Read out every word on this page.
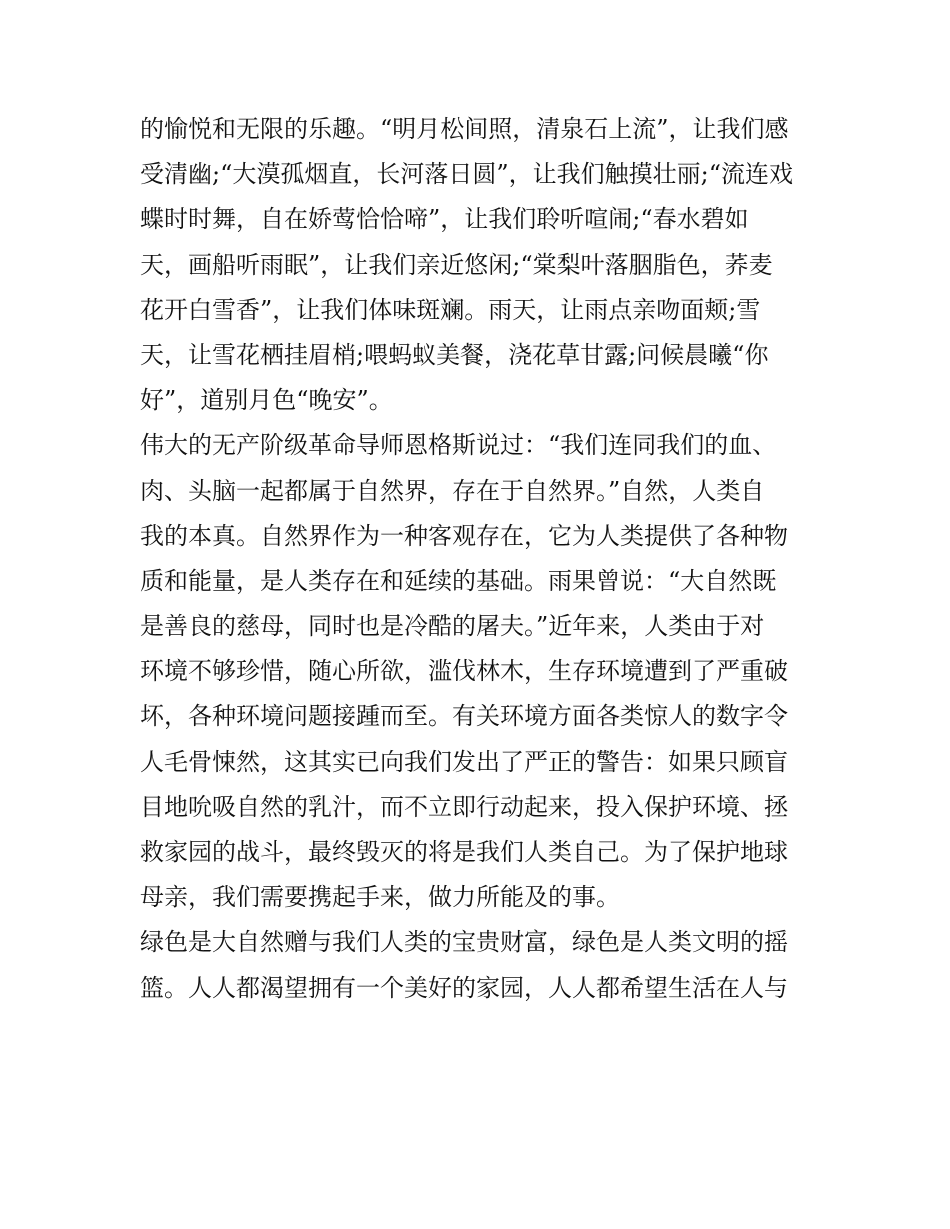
的愉悦和无限的乐趣。“明月松间照，清泉石上流”，让我们感
受清幽;“大漠孤烟直，长河落日圆”，让我们触摸壮丽;“流连戏
蝶时时舞，自在娇莺恰恰啼”，让我们聆听喧闹;“春水碧如
天，画船听雨眠”，让我们亲近悠闲;“棠梨叶落胭脂色，荞麦
花开白雪香”，让我们体味斑斓。雨天，让雨点亲吻面颊;雪
天，让雪花栖挂眉梢;喂蚂蚁美餐，浇花草甘露;问候晨曦“你
好”，道别月色“晚安”。
伟大的无产阶级革命导师恩格斯说过：“我们连同我们的血、
肉、头脑一起都属于自然界，存在于自然界。”自然，人类自
我的本真。自然界作为一种客观存在，它为人类提供了各种物
质和能量，是人类存在和延续的基础。雨果曾说：“大自然既
是善良的慈母，同时也是冷酷的屠夫。”近年来，人类由于对
环境不够珍惜，随心所欲，滥伐林木，生存环境遭到了严重破
坏，各种环境问题接踵而至。有关环境方面各类惊人的数字令
人毛骨悚然，这其实已向我们发出了严正的警告：如果只顾盲
目地吮吸自然的乳汁，而不立即行动起来，投入保护环境、拯
救家园的战斗，最终毁灭的将是我们人类自己。为了保护地球
母亲，我们需要携起手来，做力所能及的事。
绿色是大自然赠与我们人类的宝贵财富，绿色是人类文明的摇
篮。人人都渴望拥有一个美好的家园，人人都希望生活在人与
